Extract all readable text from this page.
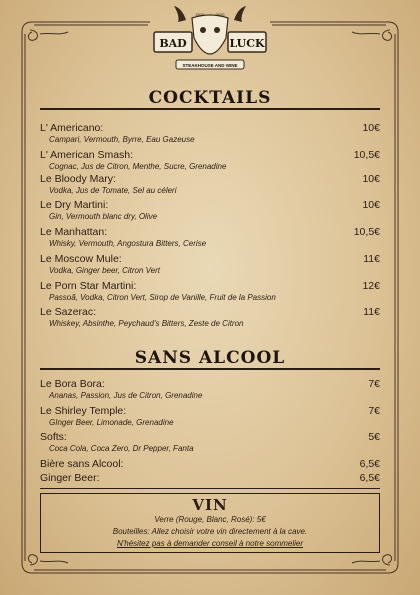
BAD	LUCK
STEAKHOUSE AND WINE
2020	2020
COCKTAILS
L' Americano:	10€
Campari, Vermouth, Byrre, Eau Gazeuse
L' American Smash:	10,5€
Cognac, Jus de Citron, Menthe, Sucre, Grenadine
Le Bloody Mary:	10€
Vodka, Jus de Tomate, Sel au céleri
Le Dry Martini:	10€
Gin, Vermouth blanc dry, Olive
Le Manhattan:	10,5€
Whisky, Vermouth, Angostura Bitters, Cerise
Le Moscow Mule:	11€
Vodka, Ginger beer, Citron Vert
Le Porn Star Martini:	12€
Passoã, Vodka, Citron Vert, Sirop de Vanille, Fruit de la Passion
Le Sazerac:	11€
Whiskey, Absinthe, Peychaud's Bitters, Zeste de Citron
SANS ALCOOL
Le Bora Bora:	7€
Ananas, Passion, Jus de Citron, Grenadine
Le Shirley Temple:	7€
GInger Beer, Limonade, Grenadine
Softs:	5€
Coca Cola, Coca Zero, Dr Pepper, Fanta
Bière sans Alcool:	6,5€
Ginger Beer:	6,5€
VIN
Verre (Rouge, Blanc, Rosé): 5€
Bouteilles: Allez choisir votre vin directement à la cave.
N'hésitez pas à demander conseil à notre sommelier
